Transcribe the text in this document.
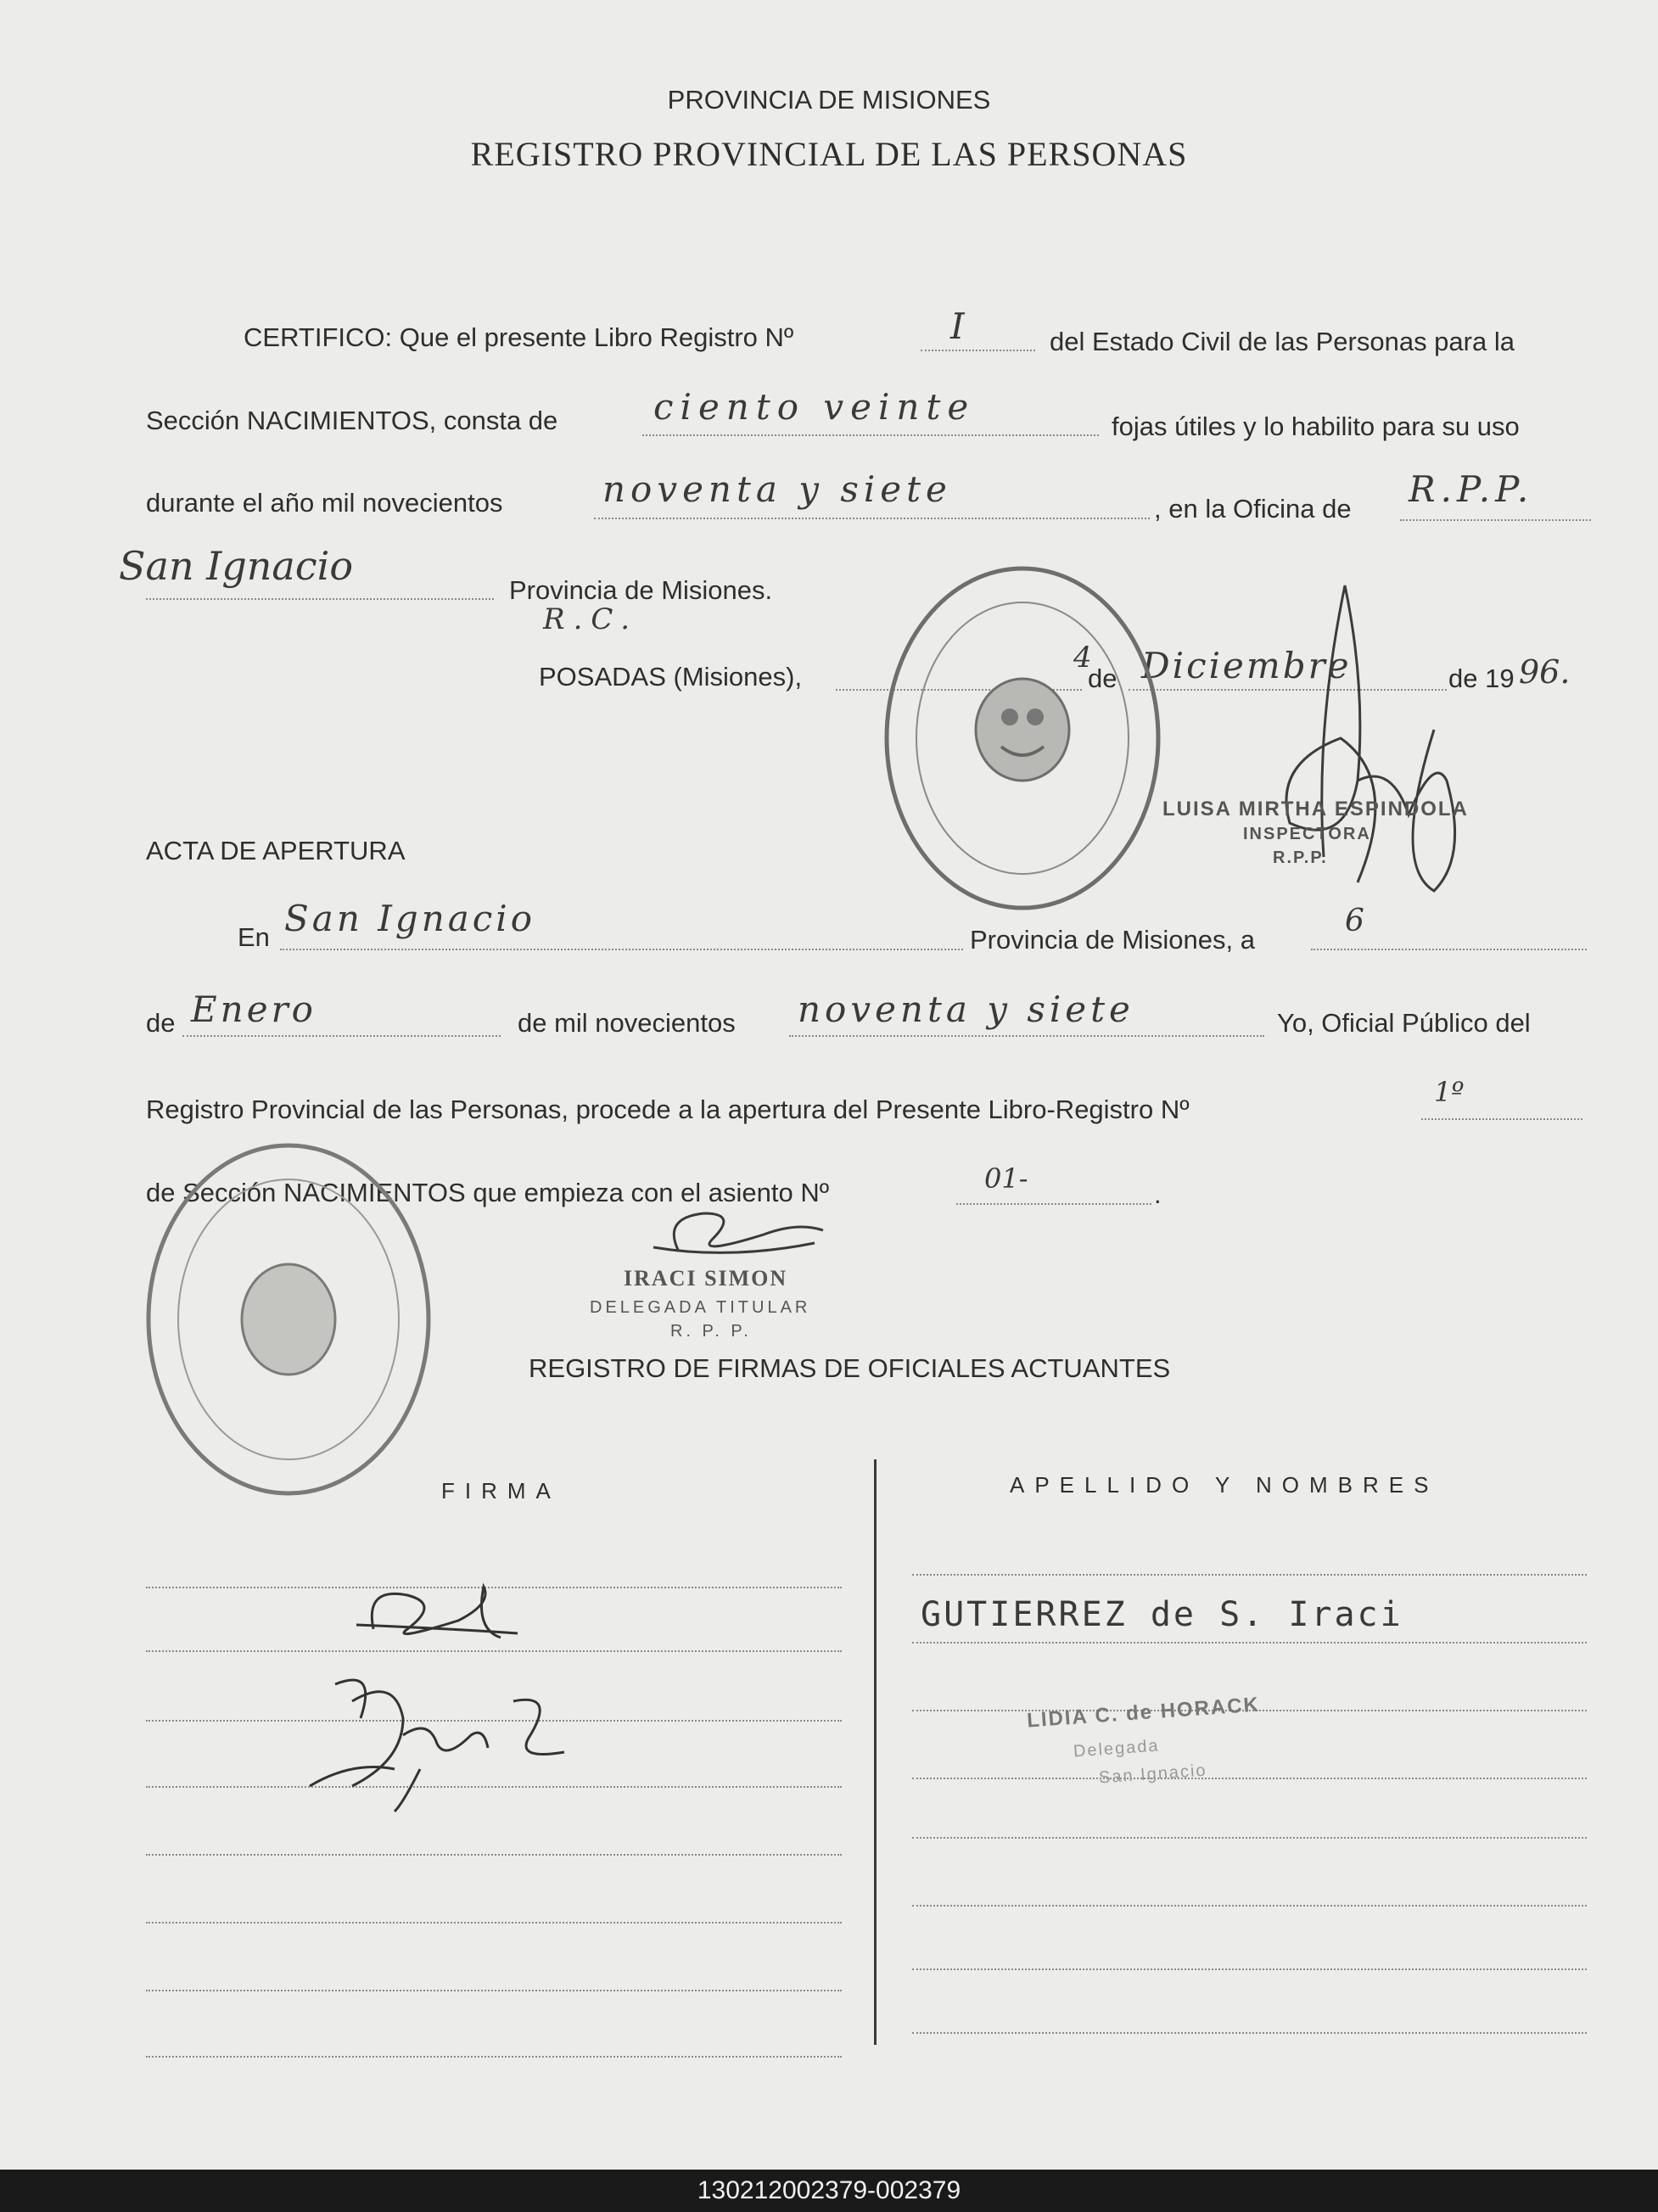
PROVINCIA DE MISIONES
REGISTRO PROVINCIAL DE LAS PERSONAS
CERTIFICO: Que el presente Libro Registro Nº	I	del Estado Civil de las Personas para la
Sección NACIMIENTOS, consta de	ciento veinte	fojas útiles y lo habilito para su uso
durante el año mil novecientos	noventa y siete	, en la Oficina de R.P.P.
San Ignacio
Provincia de Misiones.
R.C.
POSADAS (Misiones),
4
de Diciembre	de 19 96.
LUISA MIRTHA ESPINDOLA
INSPECTORA
R.P.P.
ACTA DE APERTURA
En San Ignacio
Provincia de Misiones, a
6
de Enero	de mil novecientos noventa y siete	Yo, Oficial Público del
Registro Provincial de las Personas, procede a la apertura del Presente Libro-Registro Nº
1º
de Sección NACIMIENTOS que empieza con el asiento Nº	01-	.
IRACI SIMON
DELEGADA TITULAR
R. P. P.
REGISTRO DE FIRMAS DE OFICIALES ACTUANTES
FIRMA	APELLIDO Y NOMBRES
GUTIERREZ de S. Iraci
LIDIA C. de HORACK
Delegada
San Ignacio
130212002379-002379
